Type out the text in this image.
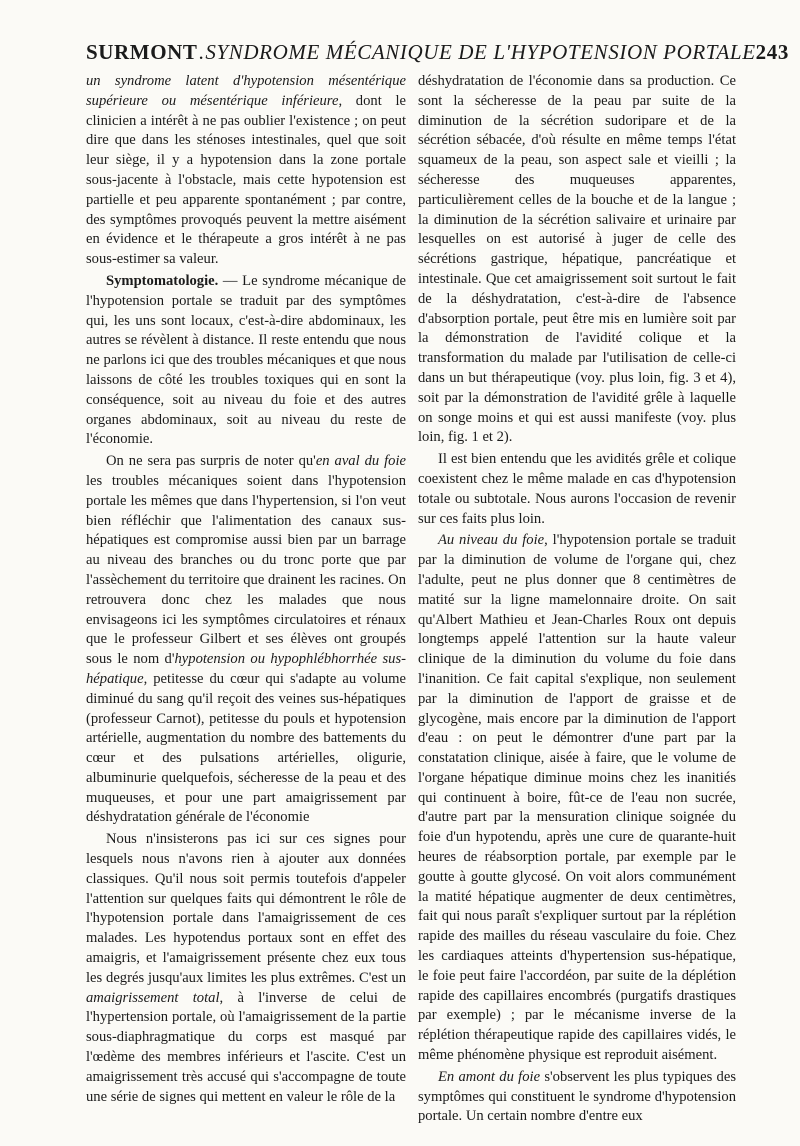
SURMONT . SYNDROME MÉCANIQUE DE L'HYPOTENSION PORTALE 243

un syndrome latent d'hypotension mésentérique supérieure ou mésentérique inférieure, dont le clinicien a intérêt à ne pas oublier l'existence ; on peut dire que dans les sténoses intestinales, quel que soit leur siège, il y a hypotension dans la zone portale sous-jacente à l'obstacle, mais cette hypotension est partielle et peu apparente spontanément ; par contre, des symptômes provoqués peuvent la mettre aisément en évidence et le thérapeute a gros intérêt à ne pas sous-estimer sa valeur.

Symptomatologie. — Le syndrome mécanique de l'hypotension portale se traduit par des symptômes qui, les uns sont locaux, c'est-à-dire abdominaux, les autres se révèlent à distance. Il reste entendu que nous ne parlons ici que des troubles mécaniques et que nous laissons de côté les troubles toxiques qui en sont la conséquence, soit au niveau du foie et des autres organes abdominaux, soit au niveau du reste de l'économie.

On ne sera pas surpris de noter qu'en aval du foie les troubles mécaniques soient dans l'hypotension portale les mêmes que dans l'hypertension, si l'on veut bien réfléchir que l'alimentation des canaux sus-hépatiques est compromise aussi bien par un barrage au niveau des branches ou du tronc porte que par l'assèchement du territoire que drainent les racines. On retrouvera donc chez les malades que nous envisageons ici les symptômes circulatoires et rénaux que le professeur Gilbert et ses élèves ont groupés sous le nom d'hypotension ou hypophlébhorrhée sus-hépatique, petitesse du cœur qui s'adapte au volume diminué du sang qu'il reçoit des veines sus-hépatiques (professeur Carnot), petitesse du pouls et hypotension artérielle, augmentation du nombre des battements du cœur et des pulsations artérielles, oligurie, albuminurie quelquefois, sécheresse de la peau et des muqueuses, et pour une part amaigrissement par déshydratation générale de l'économie

Nous n'insisterons pas ici sur ces signes pour lesquels nous n'avons rien à ajouter aux données classiques. Qu'il nous soit permis toutefois d'appeler l'attention sur quelques faits qui démontrent le rôle de l'hypotension portale dans l'amaigrissement de ces malades. Les hypotendus portaux sont en effet des amaigris, et l'amaigrissement présente chez eux tous les degrés jusqu'aux limites les plus extrêmes. C'est un amaigrissement total, à l'inverse de celui de l'hypertension portale, où l'amaigrissement de la partie sous-diaphragmatique du corps est masqué par l'œdème des membres inférieurs et l'ascite. C'est un amaigrissement très accusé qui s'accompagne de toute une série de signes qui mettent en valeur le rôle de la

déshydratation de l'économie dans sa production. Ce sont la sécheresse de la peau par suite de la diminution de la sécrétion sudoripare et de la sécrétion sébacée, d'où résulte en même temps l'état squameux de la peau, son aspect sale et vieilli ; la sécheresse des muqueuses apparentes, particulièrement celles de la bouche et de la langue ; la diminution de la sécrétion salivaire et urinaire par lesquelles on est autorisé à juger de celle des sécrétions gastrique, hépatique, pancréatique et intestinale. Que cet amaigrissement soit surtout le fait de la déshydratation, c'est-à-dire de l'absence d'absorption portale, peut être mis en lumière soit par la démonstration de l'avidité colique et la transformation du malade par l'utilisation de celle-ci dans un but thérapeutique (voy. plus loin, fig. 3 et 4), soit par la démonstration de l'avidité grêle à laquelle on songe moins et qui est aussi manifeste (voy. plus loin, fig. 1 et 2).

Il est bien entendu que les avidités grêle et colique coexistent chez le même malade en cas d'hypotension totale ou subtotale. Nous aurons l'occasion de revenir sur ces faits plus loin.

Au niveau du foie, l'hypotension portale se traduit par la diminution de volume de l'organe qui, chez l'adulte, peut ne plus donner que 8 centimètres de matité sur la ligne mamelonnaire droite. On sait qu'Albert Mathieu et Jean-Charles Roux ont depuis longtemps appelé l'attention sur la haute valeur clinique de la diminution du volume du foie dans l'inanition. Ce fait capital s'explique, non seulement par la diminution de l'apport de graisse et de glycogène, mais encore par la diminution de l'apport d'eau : on peut le démontrer d'une part par la constatation clinique, aisée à faire, que le volume de l'organe hépatique diminue moins chez les inanitiés qui continuent à boire, fût-ce de l'eau non sucrée, d'autre part par la mensuration clinique soignée du foie d'un hypotendu, après une cure de quarante-huit heures de réabsorption portale, par exemple par le goutte à goutte glycosé. On voit alors communément la matité hépatique augmenter de deux centimètres, fait qui nous paraît s'expliquer surtout par la réplétion rapide des mailles du réseau vasculaire du foie. Chez les cardiaques atteints d'hypertension sus-hépatique, le foie peut faire l'accordéon, par suite de la déplétion rapide des capillaires encombrés (purgatifs drastiques par exemple) ; par le mécanisme inverse de la réplétion thérapeutique rapide des capillaires vidés, le même phénomène physique est reproduit aisément.

En amont du foie s'observent les plus typiques des symptômes qui constituent le syndrome d'hypotension portale. Un certain nombre d'entre eux
